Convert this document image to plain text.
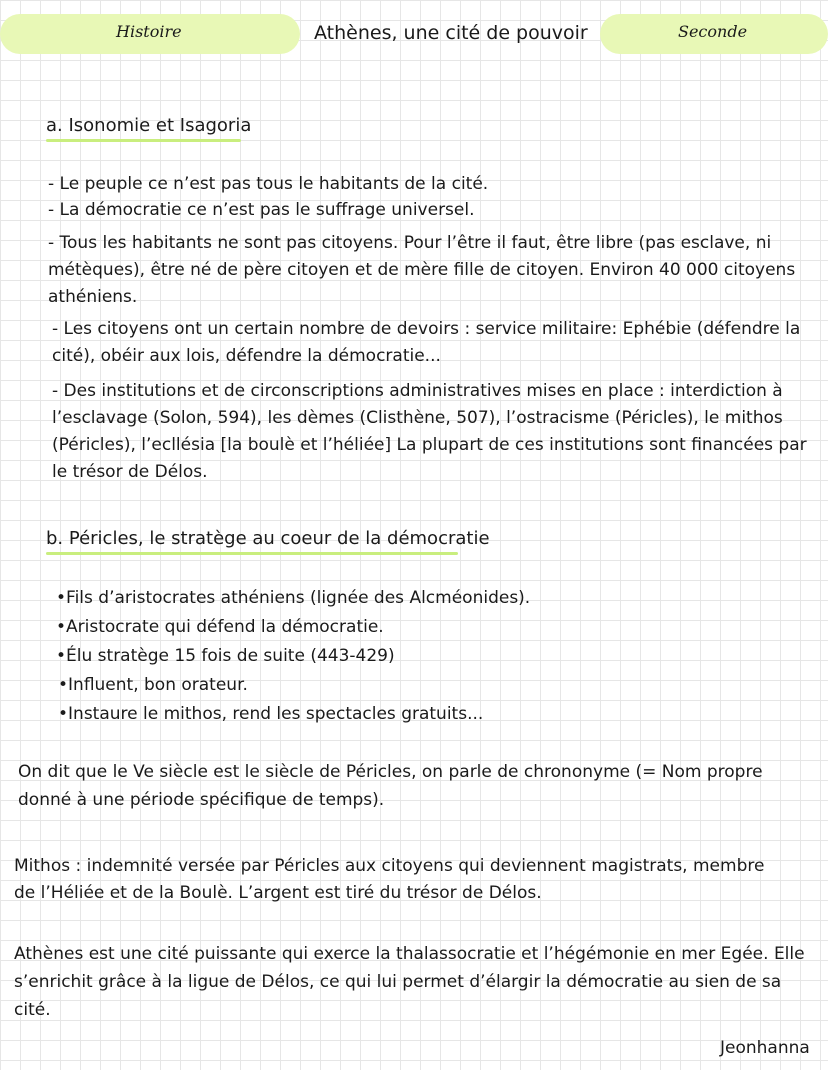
Histoire	Athènes, une cité de pouvoir	Seconde
a. Isonomie et Isagoria
- Le peuple ce n’est pas tous le habitants de la cité.
- La démocratie ce n’est pas le suffrage universel.
- Tous les habitants ne sont pas citoyens. Pour l’être il faut, être libre (pas esclave, ni
métèques), être né de père citoyen et de mère fille de citoyen. Environ 40 000 citoyens
athéniens.
- Les citoyens ont un certain nombre de devoirs : service militaire: Ephébie (défendre la
cité), obéir aux lois, défendre la démocratie...
- Des institutions et de circonscriptions administratives mises en place : interdiction à
l’esclavage (Solon, 594), les dèmes (Clisthène, 507), l’ostracisme (Péricles), le mithos
(Péricles), l’ecllésia [la boulè et l’héliée] La plupart de ces institutions sont financées par
le trésor de Délos.
b. Péricles, le stratège au coeur de la démocratie
•Fils d’aristocrates athéniens (lignée des Alcméonides).
•Aristocrate qui défend la démocratie.
•Élu stratège 15 fois de suite (443-429)
•Influent, bon orateur.
•Instaure le mithos, rend les spectacles gratuits...
On dit que le Ve siècle est le siècle de Péricles, on parle de chrononyme (= Nom propre
donné à une période spécifique de temps).
Mithos : indemnité versée par Péricles aux citoyens qui deviennent magistrats, membre
de l’Héliée et de la Boulè. L’argent est tiré du trésor de Délos.
Athènes est une cité puissante qui exerce la thalassocratie et l’hégémonie en mer Egée. Elle
s’enrichit grâce à la ligue de Délos, ce qui lui permet d’élargir la démocratie au sien de sa
cité.
Jeonhanna
